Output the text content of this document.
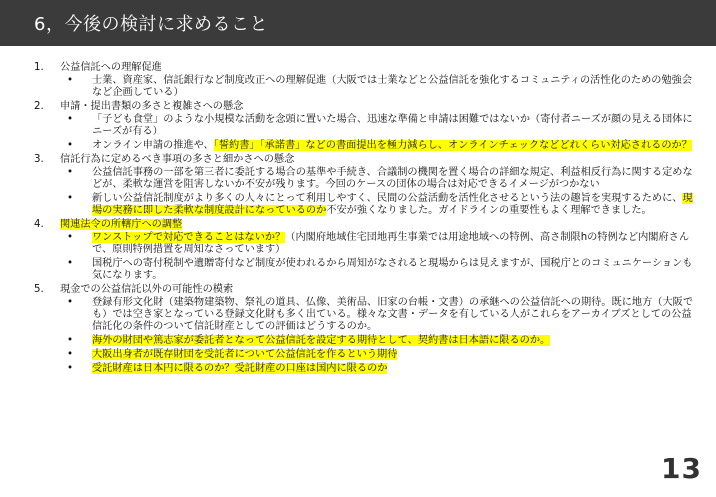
6，今後の検討に求めること
1.	公益信託への理解促進
• 士業、資産家、信託銀行など制度改正への理解促進（大阪では士業などと公益信託を強化するコミュニティの活性化のための勉強会など企画している）
2.	申請・提出書類の多さと複雑さへの懸念
• 「子ども食堂」のような小規模な活動を念頭に置いた場合、迅速な準備と申請は困難ではないか（寄付者ニーズが顔の見える団体にニーズが有る）
• オンライン申請の推進や、「誓約書」「承諾書」などの書面提出を極力減らし、オンラインチェックなどどれくらい対応されるのか？
3.	信託行為に定めるべき事項の多さと細かさへの懸念
• 公益信託事務の一部を第三者に委託する場合の基準や手続き、合議制の機関を置く場合の詳細な規定、利益相反行為に関する定めなどが、柔軟な運営を阻害しないか不安が残ります。今回のケースの団体の場合は対応できるイメージがつかない
• 新しい公益信託制度がより多くの人々にとって利用しやすく、民間の公益活動を活性化させるという法の趣旨を実現するために、現場の実務に即した柔軟な制度設計になっているのか不安が強くなりました。ガイドラインの重要性もよく理解できました。
4.	関連法令の所轄庁への調整
• ワンストップで対応できることはないか？（内閣府地域住宅団地再生事業では用途地域への特例、高さ制限hの特例など内閣府さんで、原則特例措置を周知なさっています）
• 国税庁への寄付税制や遺贈寄付など制度が使われるから周知がなされると現場からは見えますが、国税庁とのコミュニケーションも気になります。
5.	現金での公益信託以外の可能性の模索
• 登録有形文化財（建築物建築物、祭礼の道具、仏像、美術品、旧家の台帳・文書）の承継への公益信託への期待。既に地方（大阪でも）では空き家となっている登録文化財も多く出ている。様々な文書・データを有している人がこれらをアーカイブズとしての公益信託化の条件のついて信託財産としての評価はどうするのか。
• 海外の財団や篤志家が委託者となって公益信託を設定する期待として、契約書は日本語に限るのか。
• 大阪出身者が既存財団を受託者について公益信託を作るという期待
• 受託財産は日本円に限るのか？受託財産の口座は国内に限るのか
13
